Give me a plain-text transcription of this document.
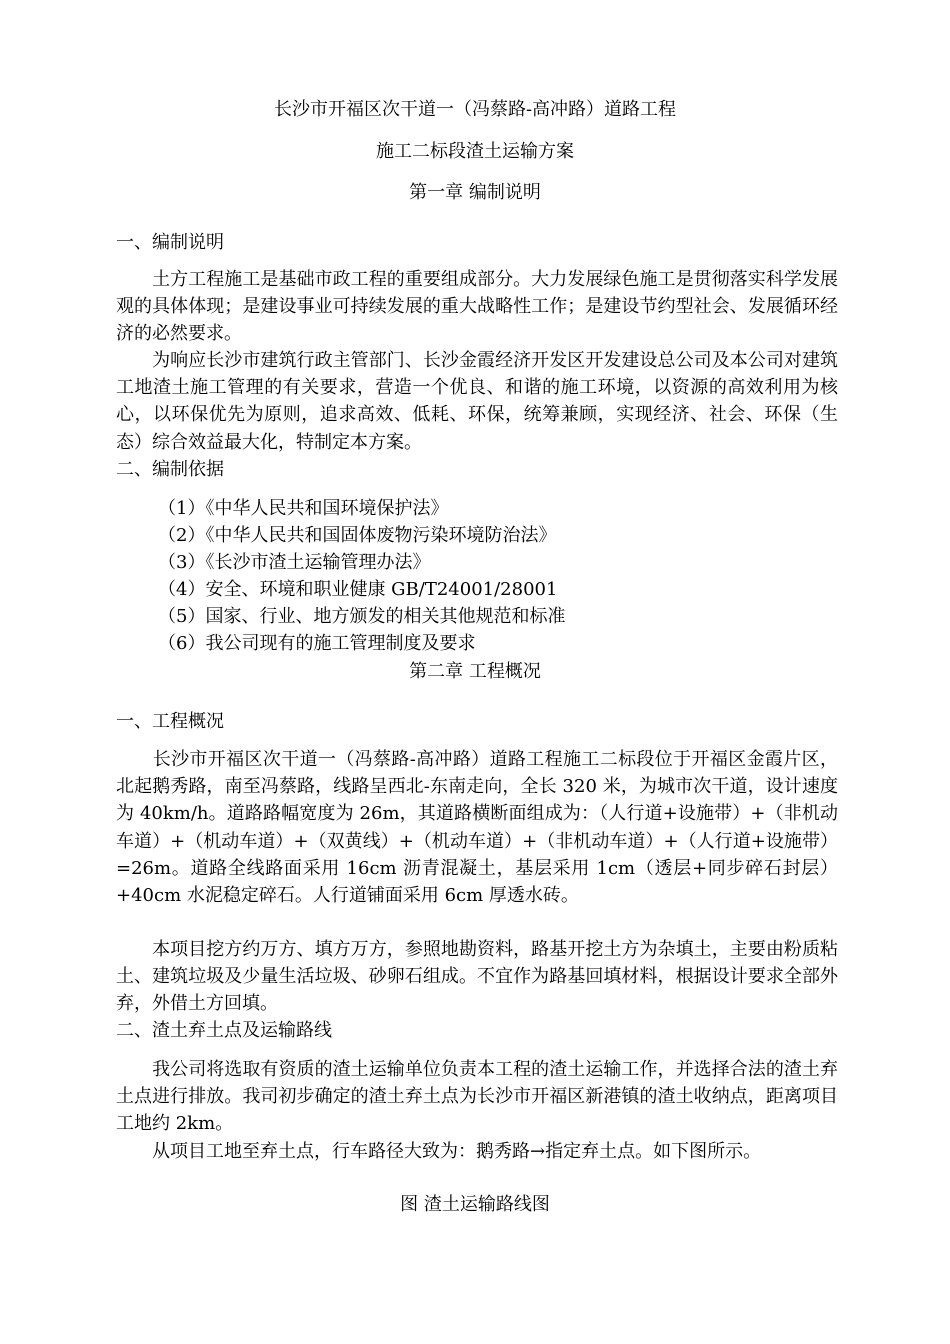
长沙市开福区次干道一（冯蔡路-高冲路）道路工程
施工二标段渣土运输方案
第一章 编制说明
一、编制说明
　　土方工程施工是基础市政工程的重要组成部分。大力发展绿色施工是贯彻落实科学发展观的具体体现；是建设事业可持续发展的重大战略性工作；是建设节约型社会、发展循环经济的必然要求。
　　为响应长沙市建筑行政主管部门、长沙金霞经济开发区开发建设总公司及本公司对建筑工地渣土施工管理的有关要求，营造一个优良、和谐的施工环境，以资源的高效利用为核心，以环保优先为原则，追求高效、低耗、环保，统筹兼顾，实现经济、社会、环保（生态）综合效益最大化，特制定本方案。
二、编制依据
（1）《中华人民共和国环境保护法》
（2）《中华人民共和国固体废物污染环境防治法》
（3）《长沙市渣土运输管理办法》
（4）安全、环境和职业健康 GB/T24001/28001
（5）国家、行业、地方颁发的相关其他规范和标准
（6）我公司现有的施工管理制度及要求
第二章 工程概况
一、工程概况
　　长沙市开福区次干道一（冯蔡路-高冲路）道路工程施工二标段位于开福区金霞片区，北起鹅秀路，南至冯蔡路，线路呈西北-东南走向，全长 320 米，为城市次干道，设计速度为 40km/h。道路路幅宽度为 26m，其道路横断面组成为：（人行道+设施带）+（非机动车道）+（机动车道）+（双黄线）+（机动车道）+（非机动车道）+（人行道+设施带）=26m。道路全线路面采用 16cm 沥青混凝土，基层采用 1cm（透层+同步碎石封层）+40cm 水泥稳定碎石。人行道铺面采用 6cm 厚透水砖。
　　本项目挖方约万方、填方万方，参照地勘资料，路基开挖土方为杂填土，主要由粉质粘土、建筑垃圾及少量生活垃圾、砂卵石组成。不宜作为路基回填材料，根据设计要求全部外弃，外借土方回填。
二、渣土弃土点及运输路线
　　我公司将选取有资质的渣土运输单位负责本工程的渣土运输工作，并选择合法的渣土弃土点进行排放。我司初步确定的渣土弃土点为长沙市开福区新港镇的渣土收纳点，距离项目工地约 2km。
　　从项目工地至弃土点，行车路径大致为：鹅秀路→指定弃土点。如下图所示。
图 渣土运输路线图
